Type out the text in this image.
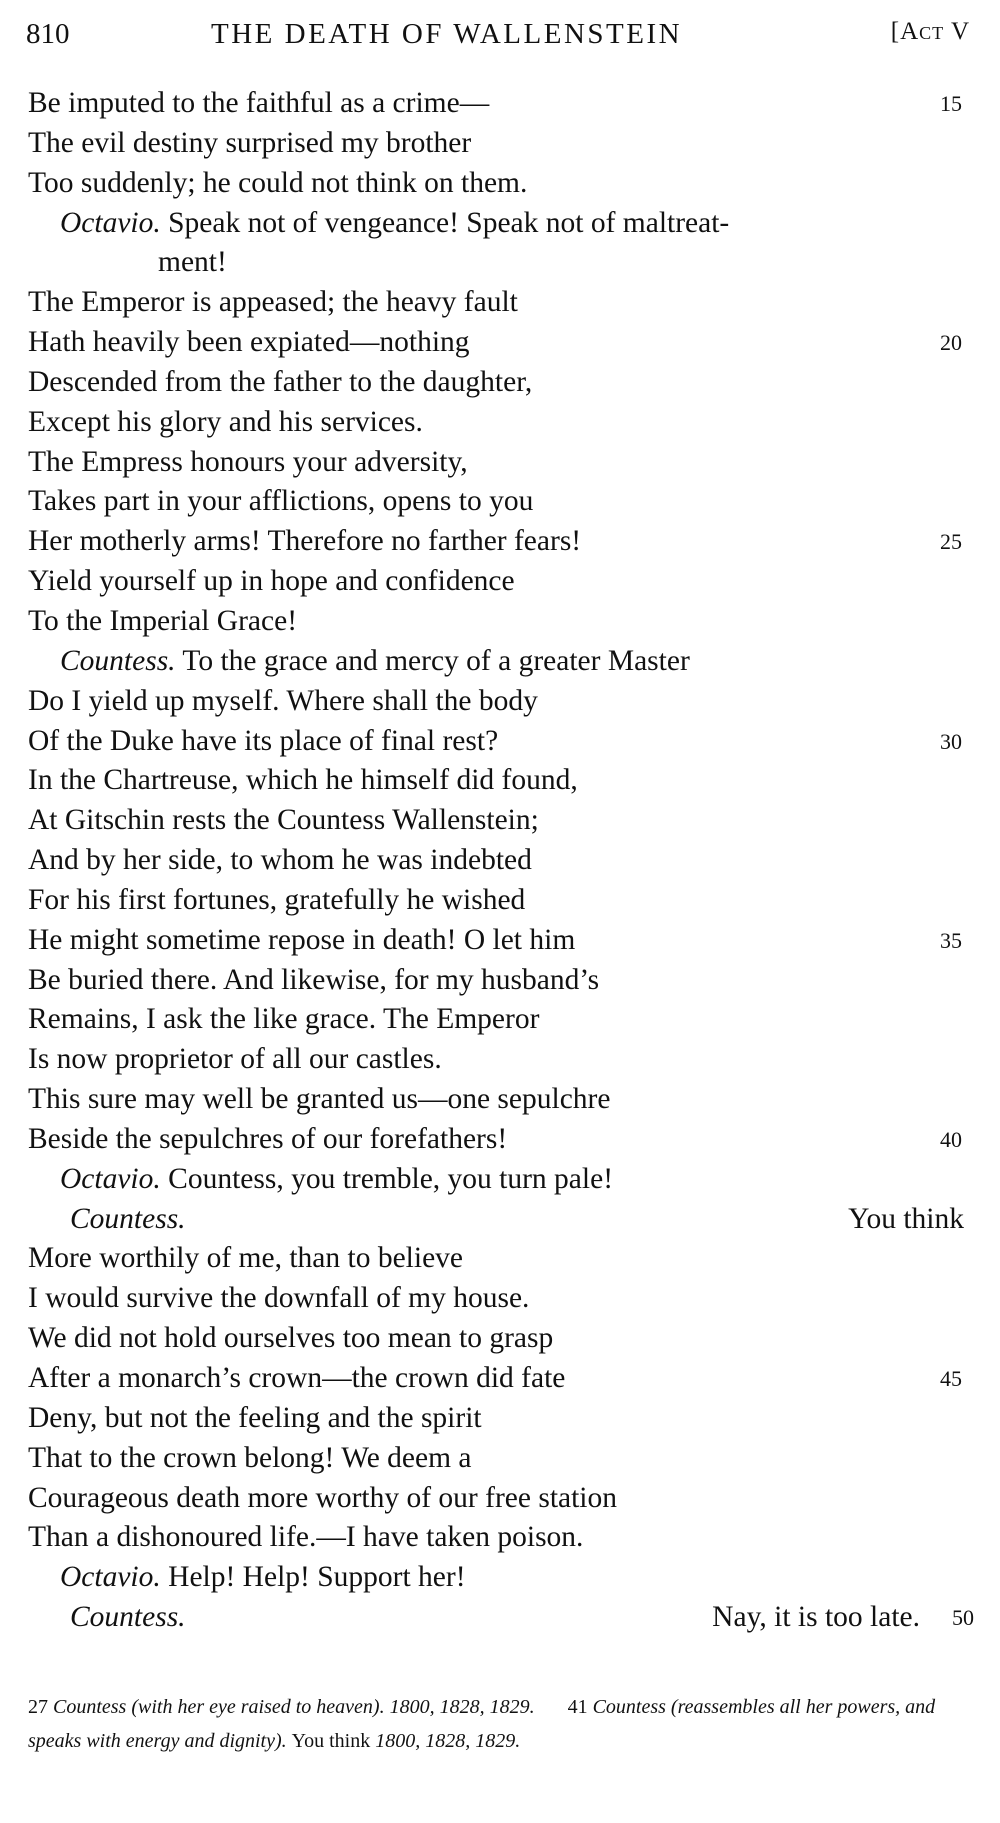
810	THE DEATH OF WALLENSTEIN	[Act V
Be imputed to the faithful as a crime—	15
The evil destiny surprised my brother
Too suddenly; he could not think on them.
Octavio. Speak not of vengeance! Speak not of maltreat-
ment!
The Emperor is appeased; the heavy fault
Hath heavily been expiated—nothing	20
Descended from the father to the daughter,
Except his glory and his services.
The Empress honours your adversity,
Takes part in your afflictions, opens to you
Her motherly arms! Therefore no farther fears!	25
Yield yourself up in hope and confidence
To the Imperial Grace!
Countess. To the grace and mercy of a greater Master
Do I yield up myself. Where shall the body
Of the Duke have its place of final rest?	30
In the Chartreuse, which he himself did found,
At Gitschin rests the Countess Wallenstein;
And by her side, to whom he was indebted
For his first fortunes, gratefully he wished
He might sometime repose in death! O let him	35
Be buried there. And likewise, for my husband’s
Remains, I ask the like grace. The Emperor
Is now proprietor of all our castles.
This sure may well be granted us—one sepulchre
Beside the sepulchres of our forefathers!	40
Octavio. Countess, you tremble, you turn pale!
Countess.	You think
More worthily of me, than to believe
I would survive the downfall of my house.
We did not hold ourselves too mean to grasp
After a monarch’s crown—the crown did fate	45
Deny, but not the feeling and the spirit
That to the crown belong! We deem a
Courageous death more worthy of our free station
Than a dishonoured life.—I have taken poison.
Octavio. Help! Help! Support her!
Countess.	Nay, it is too late. 50
27 Countess (with her eye raised to heaven). 1800, 1828, 1829. 41 Countess (reassembles all her powers, and speaks with energy and dignity). You think 1800, 1828, 1829.
